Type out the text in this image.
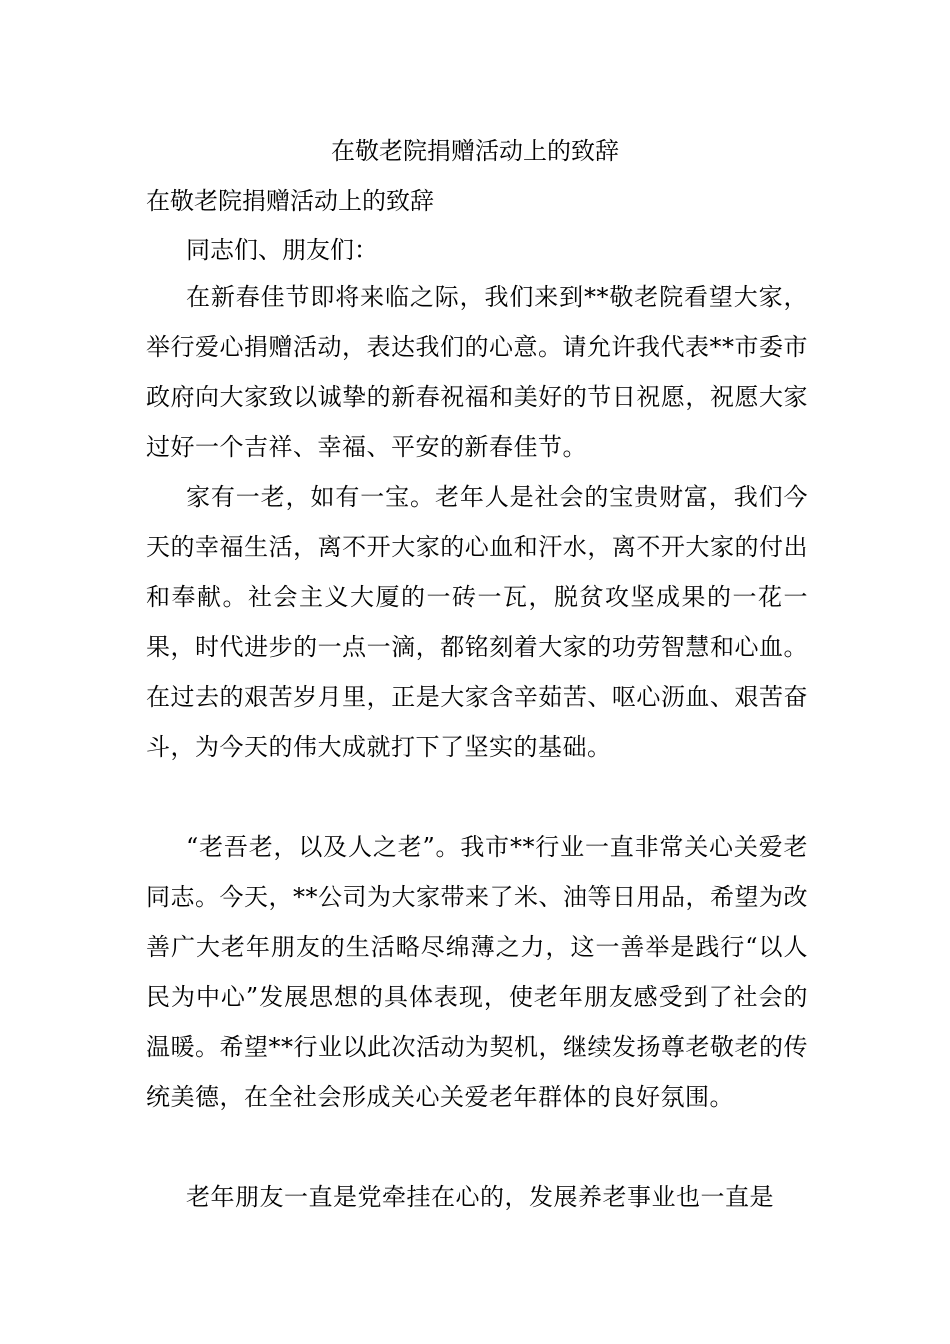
在敬老院捐赠活动上的致辞
在敬老院捐赠活动上的致辞
同志们、朋友们：

在新春佳节即将来临之际，我们来到**敬老院看望大家，举行爱心捐赠活动，表达我们的心意。请允许我代表**市委市政府向大家致以诚挚的新春祝福和美好的节日祝愿，祝愿大家过好一个吉祥、幸福、平安的新春佳节。

家有一老，如有一宝。老年人是社会的宝贵财富，我们今天的幸福生活，离不开大家的心血和汗水，离不开大家的付出和奉献。社会主义大厦的一砖一瓦，脱贫攻坚成果的一花一果，时代进步的一点一滴，都铭刻着大家的功劳智慧和心血。在过去的艰苦岁月里，正是大家含辛茹苦、呕心沥血、艰苦奋斗，为今天的伟大成就打下了坚实的基础。

“老吾老，以及人之老”。我市**行业一直非常关心关爱老同志。今天，**公司为大家带来了米、油等日用品，希望为改善广大老年朋友的生活略尽绵薄之力，这一善举是践行“以人民为中心”发展思想的具体表现，使老年朋友感受到了社会的温暖。希望**行业以此次活动为契机，继续发扬尊老敬老的传统美德，在全社会形成关心关爱老年群体的良好氛围。

老年朋友一直是党牵挂在心的，发展养老事业也一直是
